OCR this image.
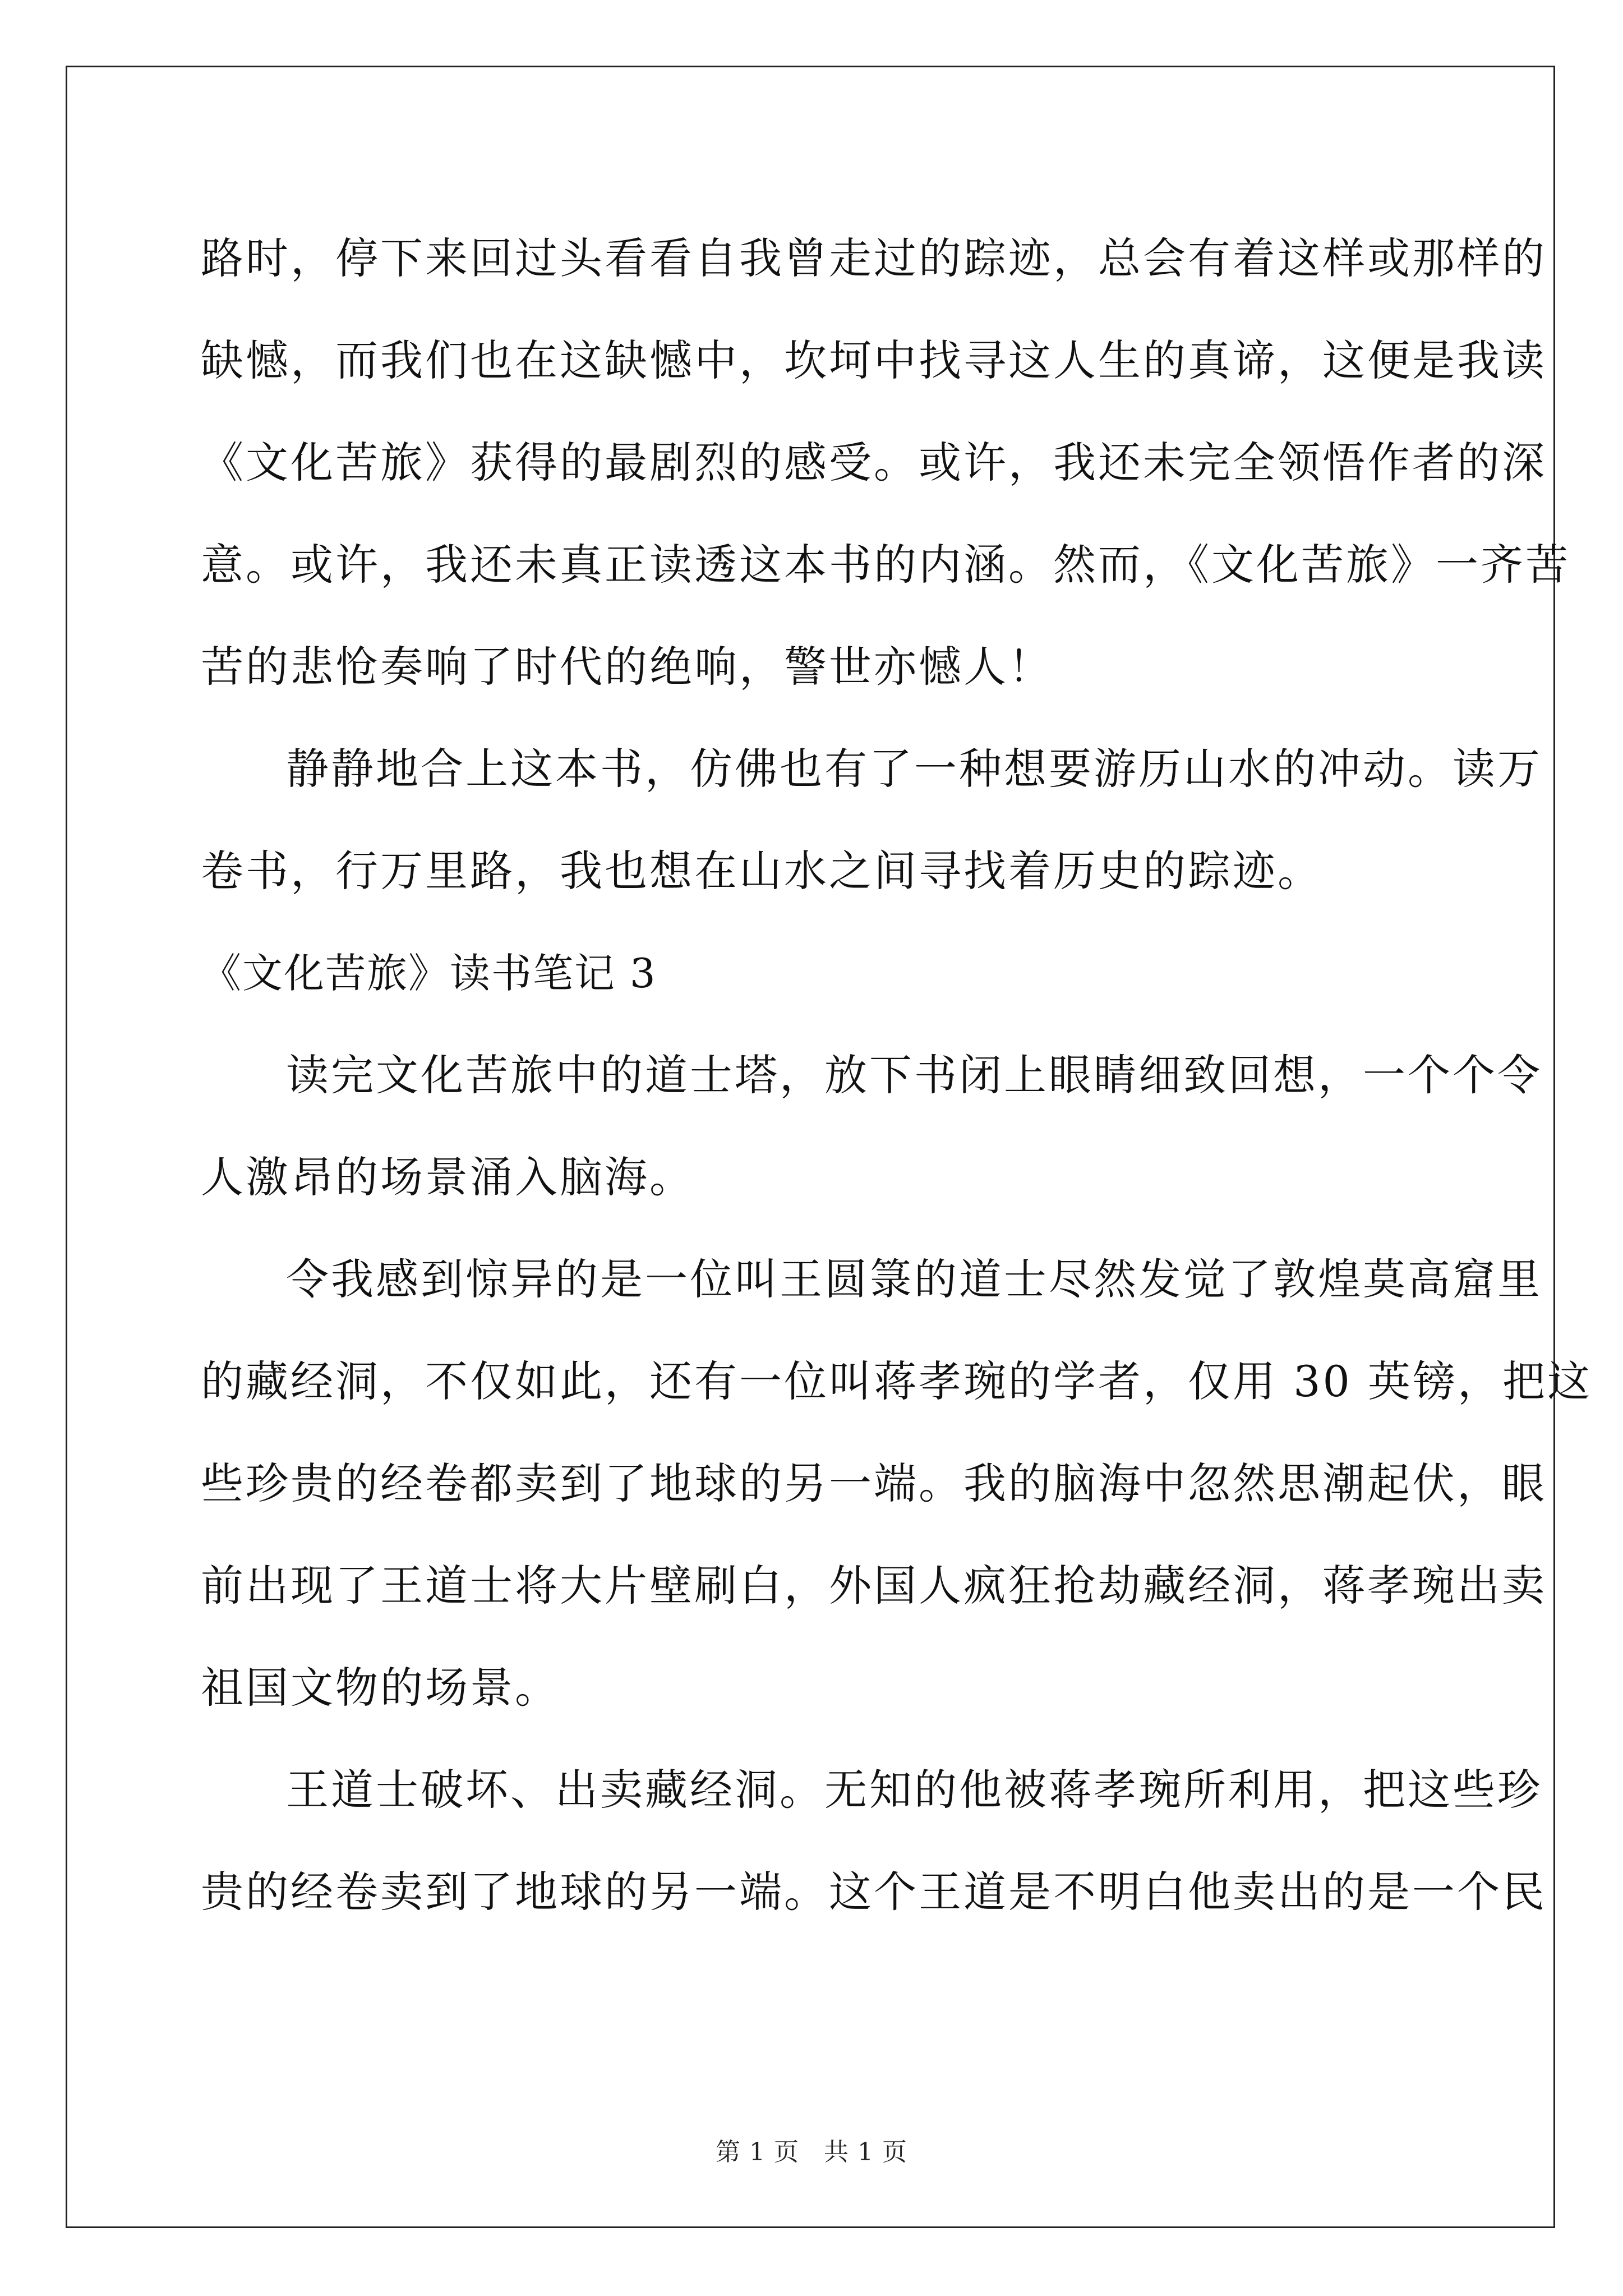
路时，停下来回过头看看自我曾走过的踪迹，总会有着这样或那样的
缺憾，而我们也在这缺憾中，坎坷中找寻这人生的真谛，这便是我读
《文化苦旅》获得的最剧烈的感受。或许，我还未完全领悟作者的深
意。或许，我还未真正读透这本书的内涵。然而，《文化苦旅》一齐苦
苦的悲怆奏响了时代的绝响，警世亦憾人！
静静地合上这本书，仿佛也有了一种想要游历山水的冲动。读万
卷书，行万里路，我也想在山水之间寻找着历史的踪迹。
《文化苦旅》读书笔记 3
读完文化苦旅中的道士塔，放下书闭上眼睛细致回想，一个个令
人激昂的场景涌入脑海。
令我感到惊异的是一位叫王圆箓的道士尽然发觉了敦煌莫高窟里
的藏经洞，不仅如此，还有一位叫蒋孝琬的学者，仅用 30 英镑，把这
些珍贵的经卷都卖到了地球的另一端。我的脑海中忽然思潮起伏，眼
前出现了王道士将大片壁刷白，外国人疯狂抢劫藏经洞，蒋孝琬出卖
祖国文物的场景。
王道士破坏、出卖藏经洞。无知的他被蒋孝琬所利用，把这些珍
贵的经卷卖到了地球的另一端。这个王道是不明白他卖出的是一个民
第 1 页 共 1 页
